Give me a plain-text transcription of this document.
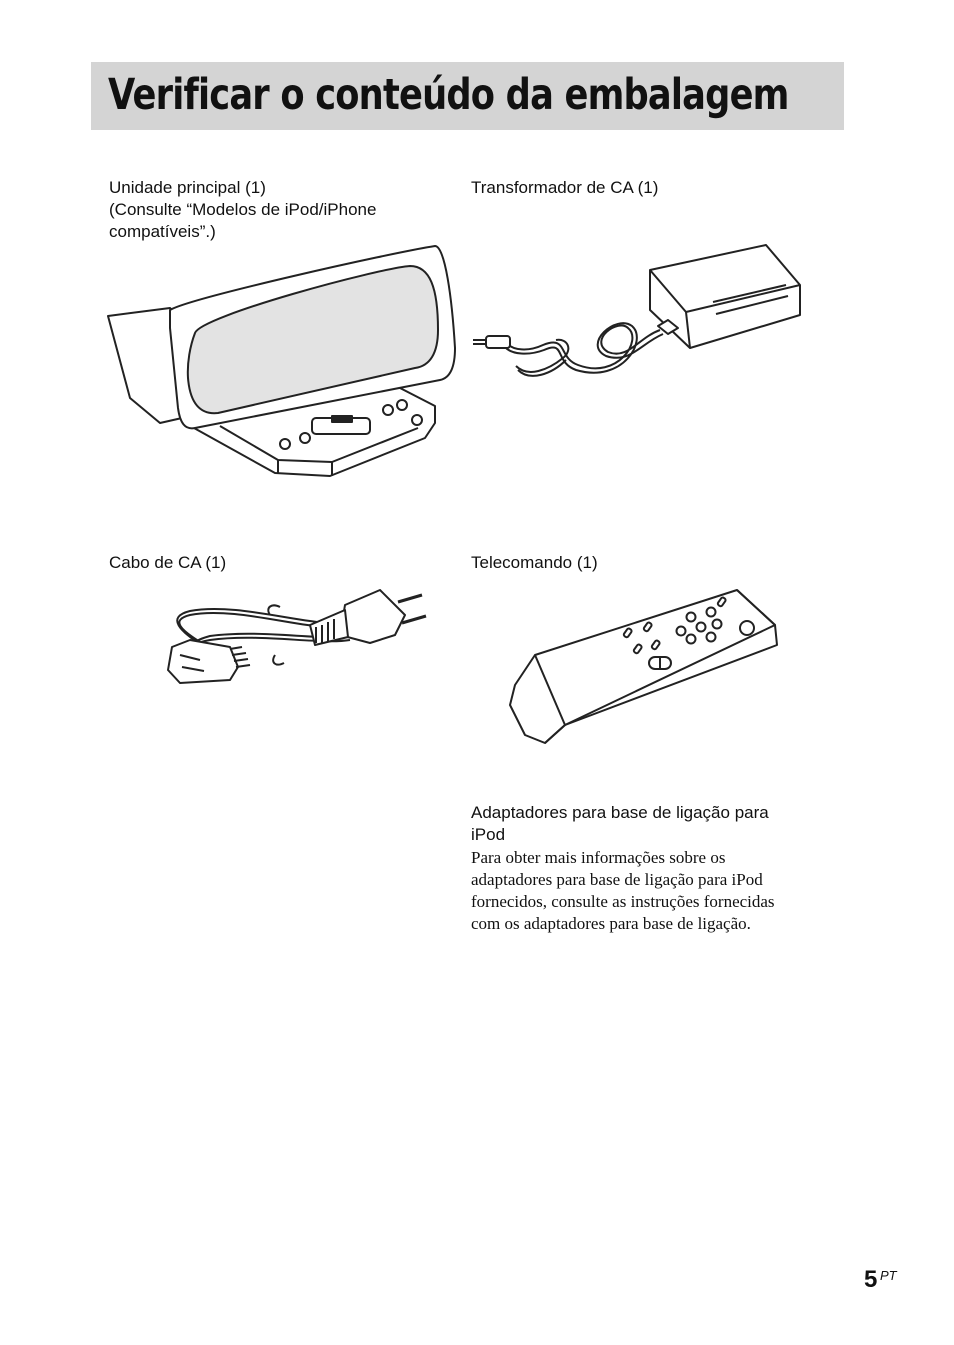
Verificar o conteúdo da embalagem
Unidade principal (1)
(Consulte “Modelos de iPod/iPhone
compatíveis”.)
Transformador de CA (1)
Cabo de CA (1)	Telecomando (1)
Adaptadores para base de ligação para
iPod
Para obter mais informações sobre os
adaptadores para base de ligação para iPod
fornecidos, consulte as instruções fornecidas
com os adaptadores para base de ligação.
5 PT
